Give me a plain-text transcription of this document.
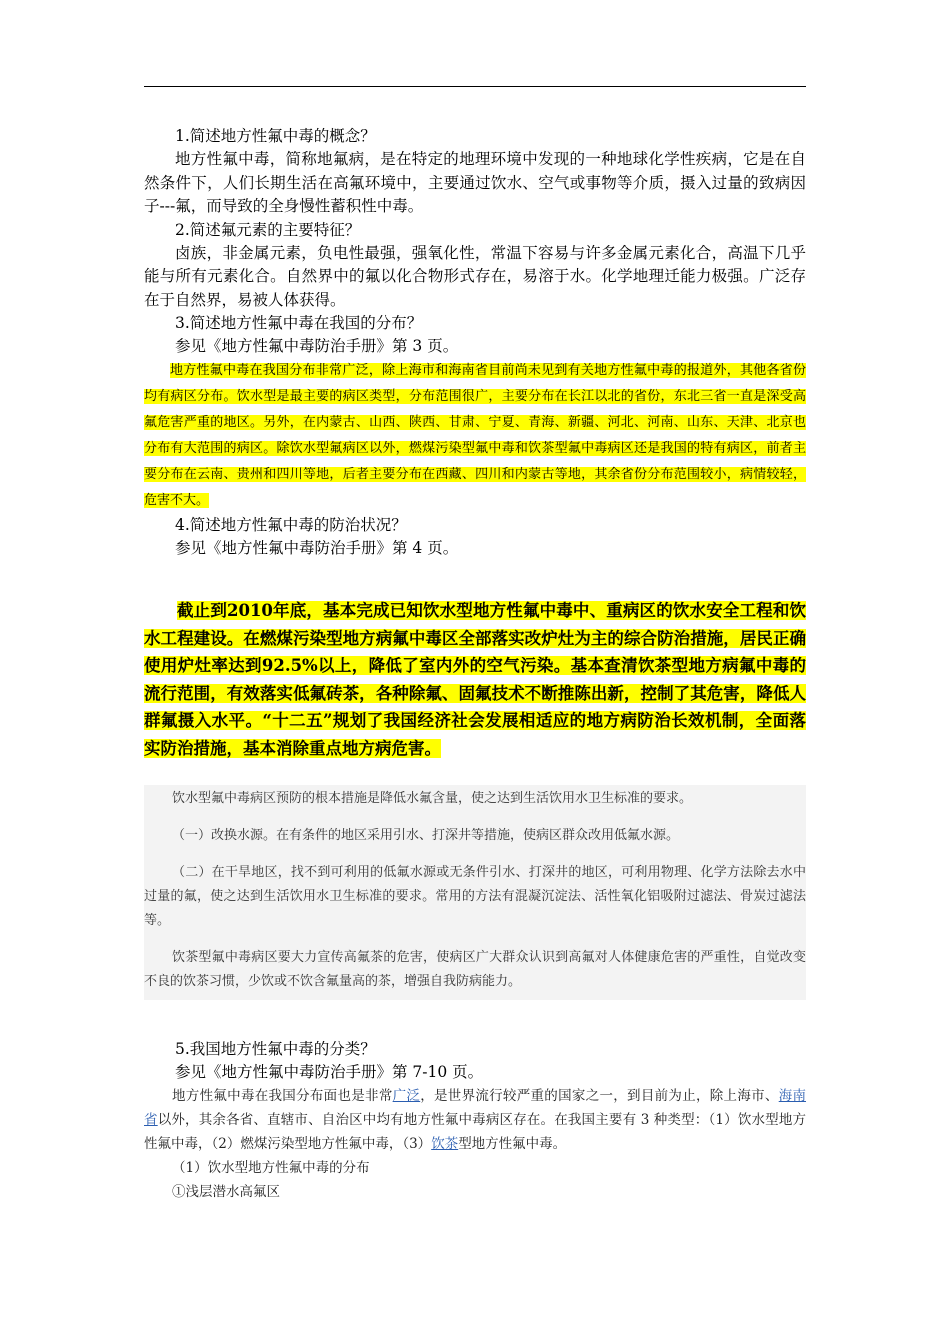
1.简述地方性氟中毒的概念？

地方性氟中毒，简称地氟病，是在特定的地理环境中发现的一种地球化学性疾病，它是在自然条件下，人们长期生活在高氟环境中，主要通过饮水、空气或事物等介质，摄入过量的致病因子---氟，而导致的全身慢性蓄积性中毒。

2.简述氟元素的主要特征？

卤族，非金属元素，负电性最强，强氧化性，常温下容易与许多金属元素化合，高温下几乎能与所有元素化合。自然界中的氟以化合物形式存在，易溶于水。化学地理迁能力极强。广泛存在于自然界，易被人体获得。

3.简述地方性氟中毒在我国的分布？

参见《地方性氟中毒防治手册》第 3 页。

地方性氟中毒在我国分布非常广泛，除上海市和海南省目前尚未见到有关地方性氟中毒的报道外，其他各省份均有病区分布。饮水型是最主要的病区类型，分布范围很广，主要分布在长江以北的省份，东北三省一直是深受高氟危害严重的地区。另外，在内蒙古、山西、陕西、甘肃、宁夏、青海、新疆、河北、河南、山东、天津、北京也分布有大范围的病区。除饮水型氟病区以外，燃煤污染型氟中毒和饮茶型氟中毒病区还是我国的特有病区，前者主要分布在云南、贵州和四川等地，后者主要分布在西藏、四川和内蒙古等地，其余省份分布范围较小，病情较轻，危害不大。

4.简述地方性氟中毒的防治状况？

参见《地方性氟中毒防治手册》第 4 页。

截止到2010年底，基本完成已知饮水型地方性氟中毒中、重病区的饮水安全工程和饮水工程建设。在燃煤污染型地方病氟中毒区全部落实改炉灶为主的综合防治措施，居民正确使用炉灶率达到92.5%以上，降低了室内外的空气污染。基本查清饮茶型地方病氟中毒的流行范围，有效落实低氟砖茶，各种除氟、固氟技术不断推陈出新，控制了其危害，降低人群氟摄入水平。“十二五”规划了我国经济社会发展相适应的地方病防治长效机制，全面落实防治措施，基本消除重点地方病危害。

饮水型氟中毒病区预防的根本措施是降低水氟含量，使之达到生活饮用水卫生标准的要求。

（一）改换水源。在有条件的地区采用引水、打深井等措施，使病区群众改用低氟水源。

（二）在干旱地区，找不到可利用的低氟水源或无条件引水、打深井的地区，可利用物理、化学方法除去水中过量的氟，使之达到生活饮用水卫生标准的要求。常用的方法有混凝沉淀法、活性氧化铝吸附过滤法、骨炭过滤法等。

饮茶型氟中毒病区要大力宣传高氟茶的危害，使病区广大群众认识到高氟对人体健康危害的严重性，自觉改变不良的饮茶习惯，少饮或不饮含氟量高的茶，增强自我防病能力。

5.我国地方性氟中毒的分类？

参见《地方性氟中毒防治手册》第 7-10 页。

地方性氟中毒在我国分布面也是非常广泛，是世界流行较严重的国家之一，到目前为止，除上海市、海南省以外，其余各省、直辖市、自治区中均有地方性氟中毒病区存在。在我国主要有 3 种类型：（1）饮水型地方性氟中毒，（2）燃煤污染型地方性氟中毒，（3）饮茶型地方性氟中毒。

（1）饮水型地方性氟中毒的分布

①浅层潜水高氟区
